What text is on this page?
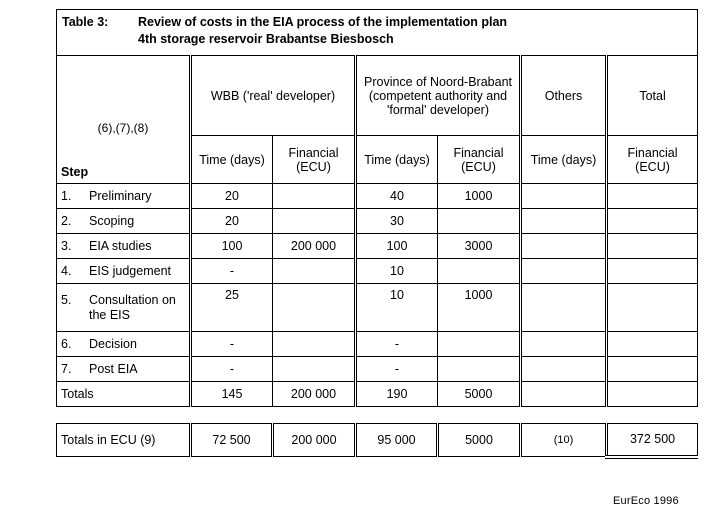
Table 3: Review of costs in the EIA process of the implementation plan
4th storage reservoir Brabantse Biesbosch						

(6),(7),(8)
Step	WBB ('real' developer)		Province of Noord-Brabant (competent authority and 'formal' developer)		Others	Total
	Time (days)	Financial (ECU)	Time (days)	Financial (ECU)	Time (days)	Financial (ECU)

1. Preliminary	20		40	1000		

2. Scoping	20		30			

3. EIA studies	100	200 000	100	3000		

4. EIS judgement	-		10			

5. Consultation on the EIS	25		10	1000		

6. Decision	-		-			

7. Post EIA	-		-			
Totals	145	200 000	190	5000		

Totals in ECU (9)	72 500	200 000	95 000	5000	(10)	372 500
EurEco 1996
